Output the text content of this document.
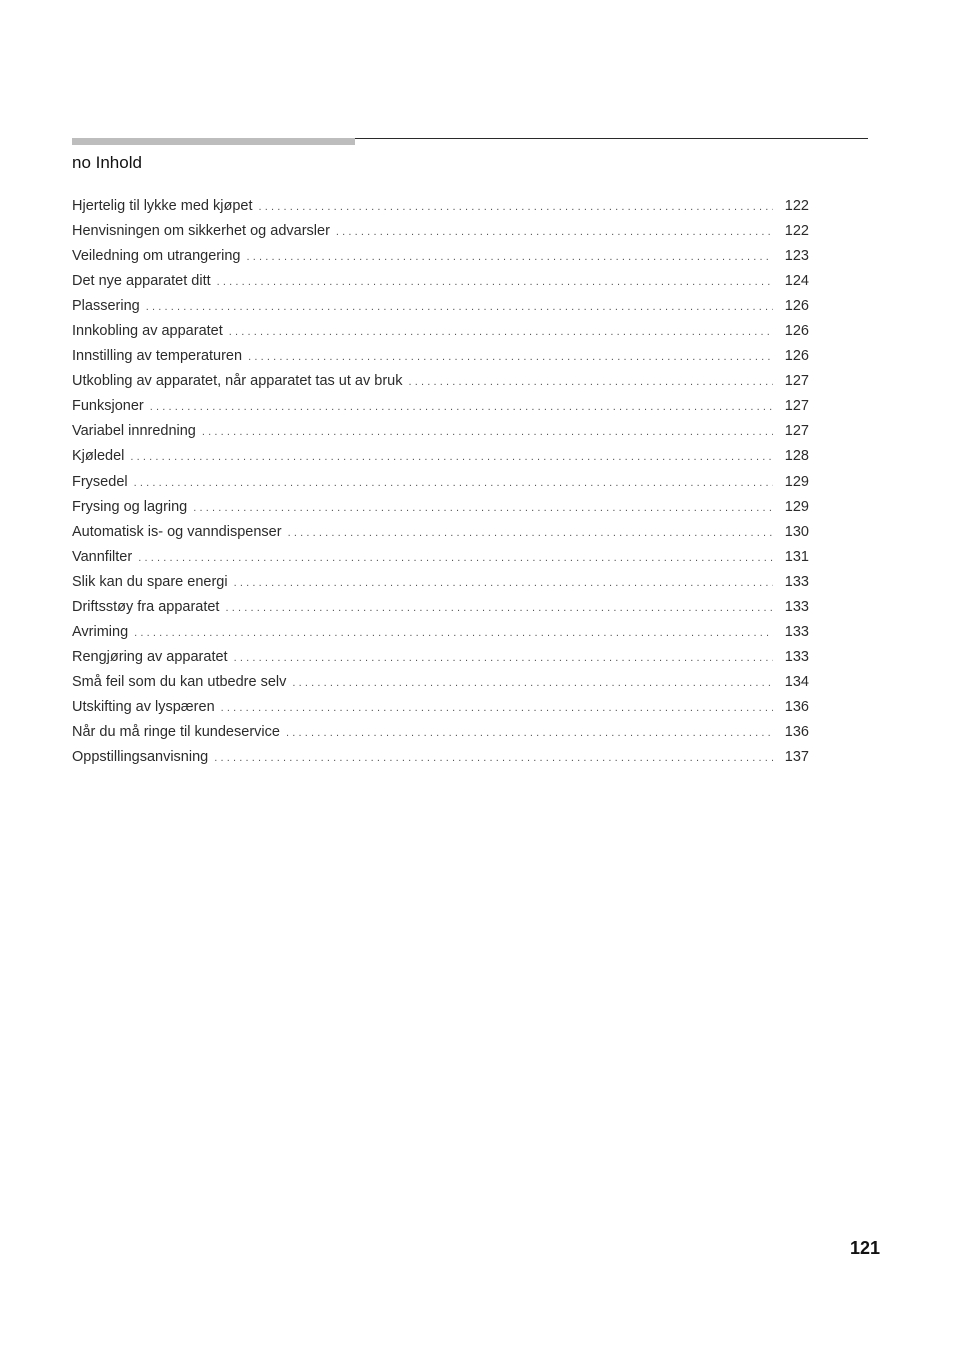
no Inhold
Hjertelig til lykke med kjøpet .....	122
Henvisningen om sikkerhet og advarsler .....	122
Veiledning om utrangering .....	123
Det nye apparatet ditt .....	124
Plassering .....	126
Innkobling av apparatet .....	126
Innstilling av temperaturen .....	126
Utkobling av apparatet, når apparatet tas ut av bruk .....	127
Funksjoner .....	127
Variabel innredning .....	127
Kjøledel .....	128
Frysedel .....	129
Frysing og lagring .....	129
Automatisk is- og vanndispenser .....	130
Vannfilter .....	131
Slik kan du spare energi .....	133
Driftsstøy fra apparatet .....	133
Avriming .....	133
Rengjøring av apparatet .....	133
Små feil som du kan utbedre selv .....	134
Utskifting av lyspæren .....	136
Når du må ringe til kundeservice .....	136
Oppstillingsanvisning .....	137
121
